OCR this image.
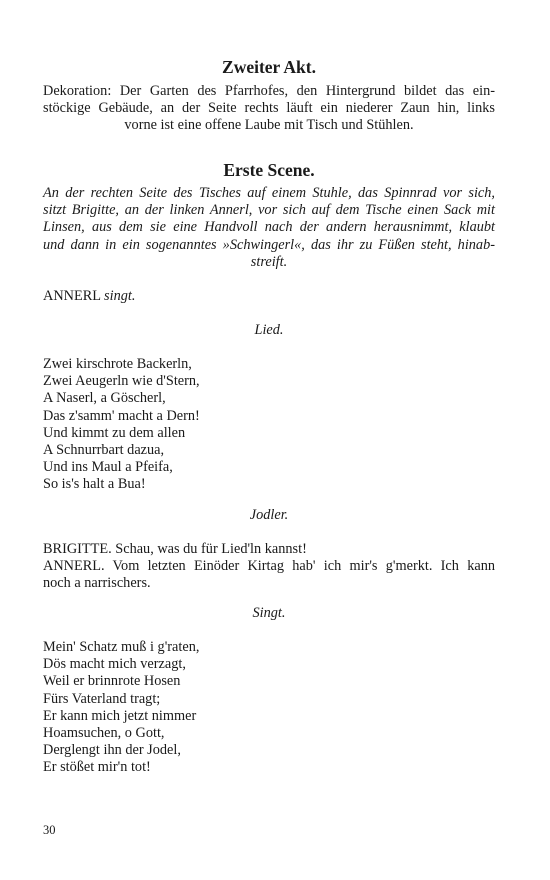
Zweiter Akt.

Dekoration: Der Garten des Pfarrhofes, den Hintergrund bildet das ein-
stöckige Gebäude, an der Seite rechts läuft ein niederer Zaun hin, links
vorne ist eine offene Laube mit Tisch und Stühlen.

Erste Scene.

An der rechten Seite des Tisches auf einem Stuhle, das Spinnrad vor sich,
sitzt Brigitte, an der linken Annerl, vor sich auf dem Tische einen Sack mit
Linsen, aus dem sie eine Handvoll nach der andern herausnimmt, klaubt
und dann in ein sogenanntes »Schwingerl«, das ihr zu Füßen steht, hinab-
streift.

ANNERL singt.

Lied.
Zwei kirschrote Backerln,
Zwei Aeugerln wie d'Stern,
A Naserl, a Göscherl,
Das z'samm' macht a Dern!
Und kimmt zu dem allen
A Schnurrbart dazua,
Und ins Maul a Pfeifa,
So is's halt a Bua!
Jodler.

BRIGITTE. Schau, was du für Lied'ln kannst!
ANNERL. Vom letzten Einöder Kirtag hab' ich mir's g'merkt. Ich kann
noch a narrischers.

Singt.
Mein' Schatz muß i g'raten,
Dös macht mich verzagt,
Weil er brinnrote Hosen
Fürs Vaterland tragt;
Er kann mich jetzt nimmer
Hoamsuchen, o Gott,
Derglengt ihn der Jodel,
Er stößet mir'n tot!
30
